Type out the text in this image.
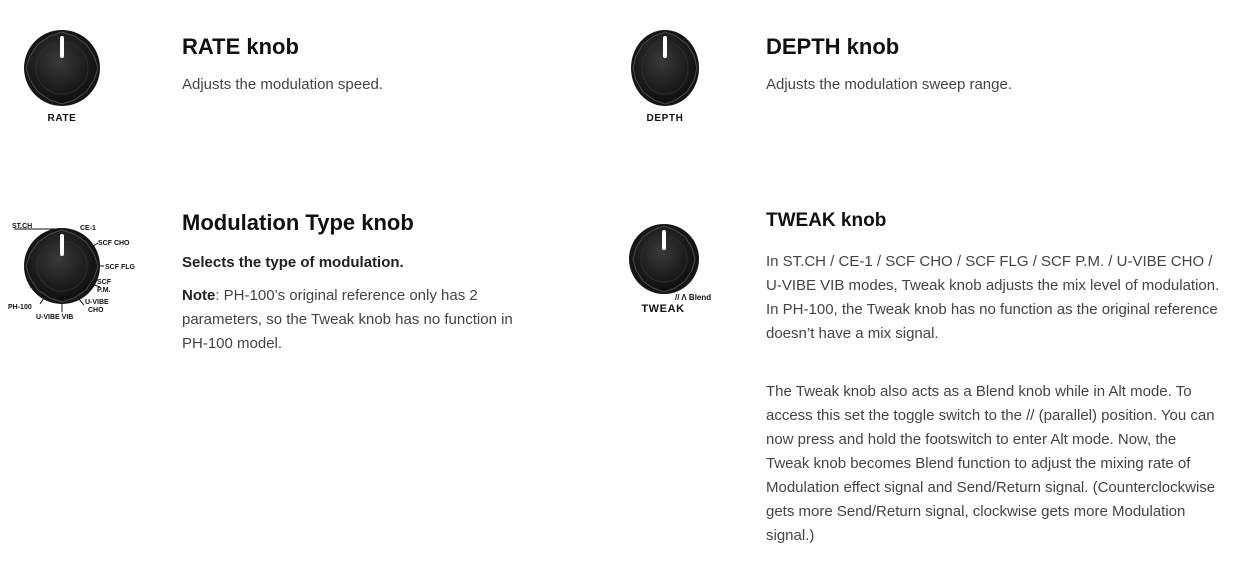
RATE
RATE knob

Adjusts the modulation speed.

DEPTH
DEPTH knob

Adjusts the modulation sweep range.

ST.CH	CE-1
SCF CHO
SCF FLG
SCF
P.M.
U-VIBE
CHO
U-VIBE VIB
PH-100
Modulation Type knob

Selects the type of modulation.

Note: PH-100’s original reference only has 2 parameters, so the Tweak knob has no function in PH-100 model.

// Λ Blend
TWEAK
TWEAK knob

In ST.CH / CE-1 / SCF CHO / SCF FLG / SCF P.M. / U-VIBE CHO / U-VIBE VIB modes, Tweak knob adjusts the mix level of modulation. In PH-100, the Tweak knob has no function as the original reference doesn’t have a mix signal.

The Tweak knob also acts as a Blend knob while in Alt mode. To access this set the toggle switch to the // (parallel) position. You can now press and hold the footswitch to enter Alt mode. Now, the Tweak knob becomes Blend function to adjust the mixing rate of Modulation effect signal and Send/Return signal. (Counterclockwise gets more Send/Return signal, clockwise gets more Modulation signal.)
